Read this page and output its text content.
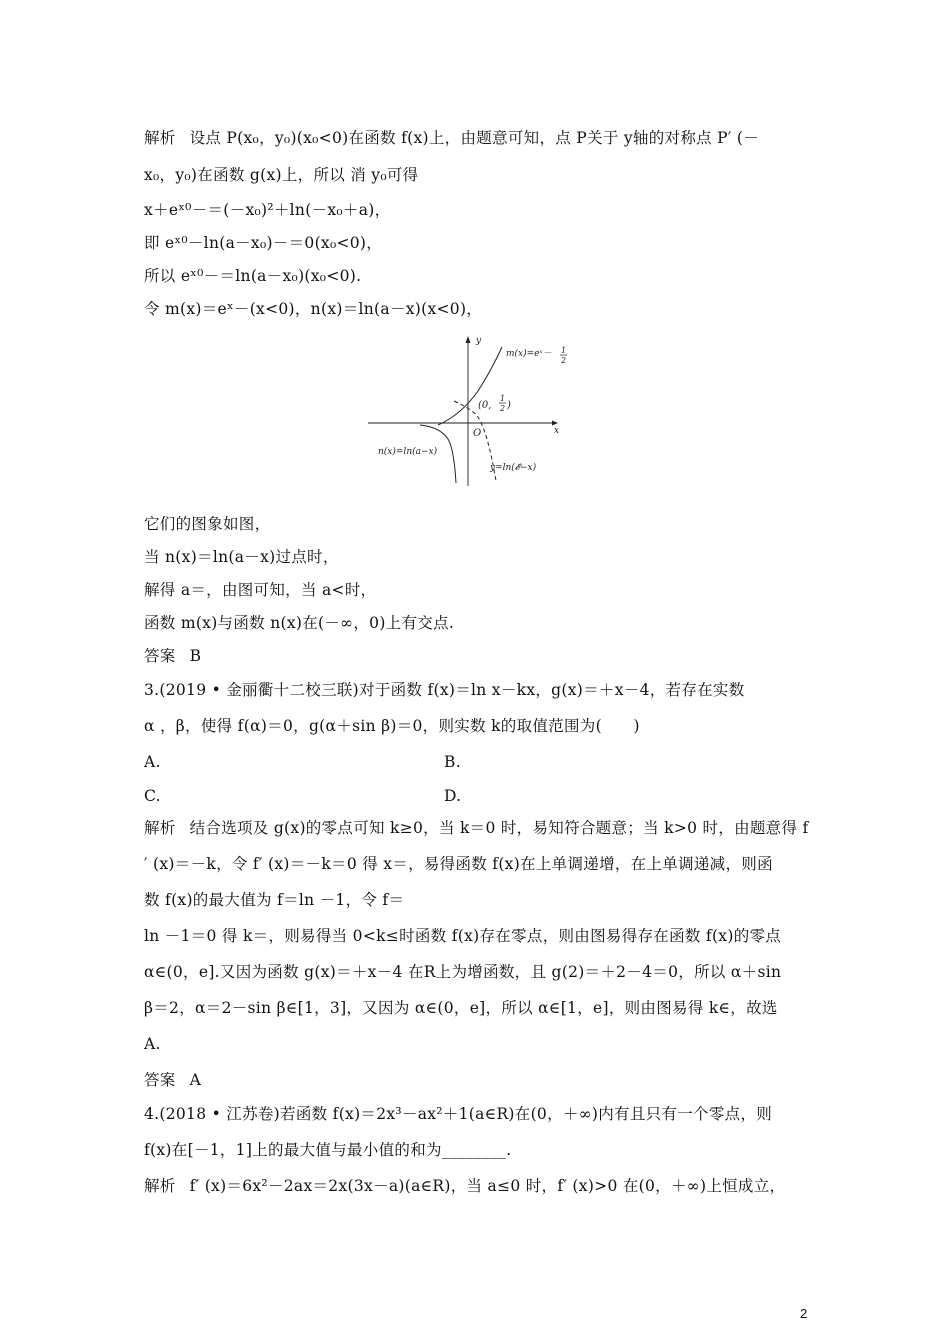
解析 设点 P(x₀，y₀)(x₀<0)在函数 f(x)上，由题意可知，点 P关于 y轴的对称点 P′ (－
x₀，y₀)在函数 g(x)上，所以 消 y₀可得
x＋eˣ⁰－＝(－x₀)²＋ln(－x₀＋a)，
即 eˣ⁰－ln(a－x₀)－＝0(x₀<0)，
所以 eˣ⁰－＝ln(a－x₀)(x₀<0).
令 m(x)＝eˣ－(x<0)，n(x)＝ln(a－x)(x<0)，
y
x
O
m(x)=eˣ－ 1
2
(0,
1
2 )
n(x)=ln(a−x)
y=ln(𝓔−x)
它们的图象如图，
当 n(x)＝ln(a－x)过点时，
解得 a＝，由图可知，当 a<时，
函数 m(x)与函数 n(x)在(－∞，0)上有交点.
答案 B
3.(2019 • 金丽衢十二校三联)对于函数 f(x)＝ln x－kx，g(x)＝＋x－4，若存在实数
α ，β，使得 f(α)＝0，g(α＋sin β)＝0，则实数 k的取值范围为(　　)
A.	B.
C.	D.
解析 结合选项及 g(x)的零点可知 k≥0，当 k＝0 时，易知符合题意；当 k>0 时，由题意得 f
′ (x)＝－k，令 f′ (x)＝－k＝0 得 x＝，易得函数 f(x)在上单调递增，在上单调递减，则函
数 f(x)的最大值为 f＝ln －1，令 f＝
ln －1＝0 得 k＝，则易得当 0<k≤时函数 f(x)存在零点，则由图易得存在函数 f(x)的零点
α∈(0，e].又因为函数 g(x)＝＋x－4 在R上为增函数，且 g(2)＝＋2－4＝0，所以 α＋sin
β＝2，α＝2－sin β∈[1，3]，又因为 α∈(0，e]，所以 α∈[1，e]，则由图易得 k∈，故选
A.
答案 A
4.(2018 • 江苏卷)若函数 f(x)＝2x³－ax²＋1(a∈R)在(0，＋∞)内有且只有一个零点，则
f(x)在[－1，1]上的最大值与最小值的和为________.
解析 f′ (x)＝6x²－2ax＝2x(3x－a)(a∈R)，当 a≤0 时，f′ (x)>0 在(0，＋∞)上恒成立，
2
